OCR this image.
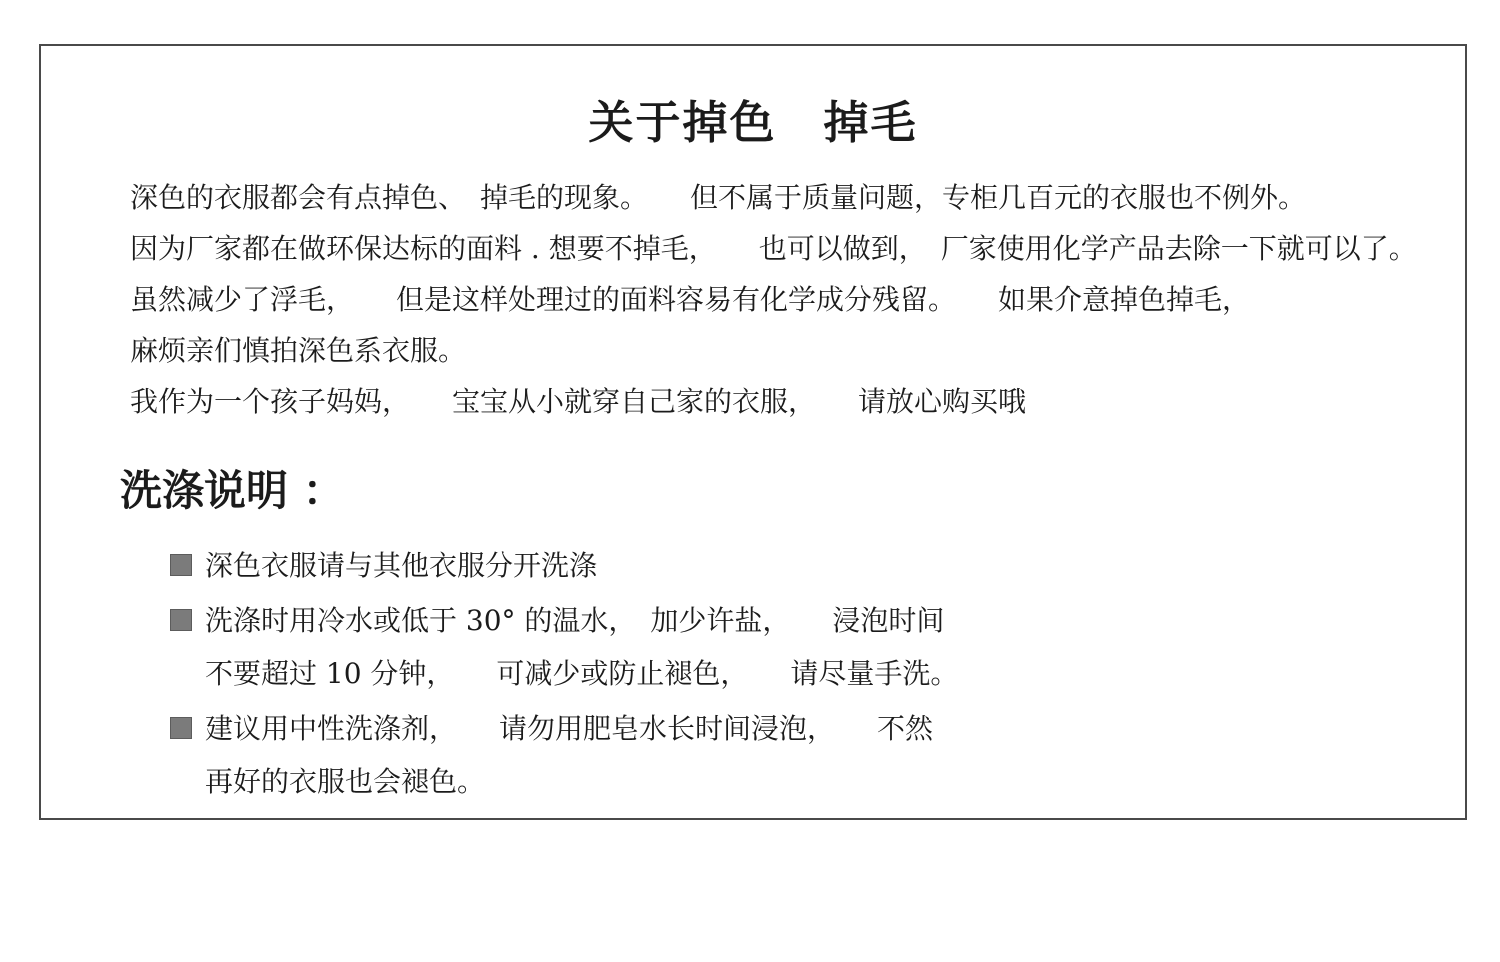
关于掉色　掉毛
深色的衣服都会有点掉色、　掉毛的现象。　　但不属于质量问题，专柜几百元的衣服也不例外。
因为厂家都在做环保达标的面料 . 想要不掉毛，　　也可以做到，　厂家使用化学产品去除一下就可以了。
虽然减少了浮毛，　　但是这样处理过的面料容易有化学成分残留。　　如果介意掉色掉毛，
麻烦亲们慎拍深色系衣服。
我作为一个孩子妈妈，　　宝宝从小就穿自己家的衣服，　　请放心购买哦
洗涤说明 ：
深色衣服请与其他衣服分开洗涤
洗涤时用冷水或低于 30° 的温水，　加少许盐，　　浸泡时间
不要超过 10 分钟，　　可减少或防止褪色，　　请尽量手洗。
建议用中性洗涤剂，　　请勿用肥皂水长时间浸泡，　　不然
再好的衣服也会褪色。
